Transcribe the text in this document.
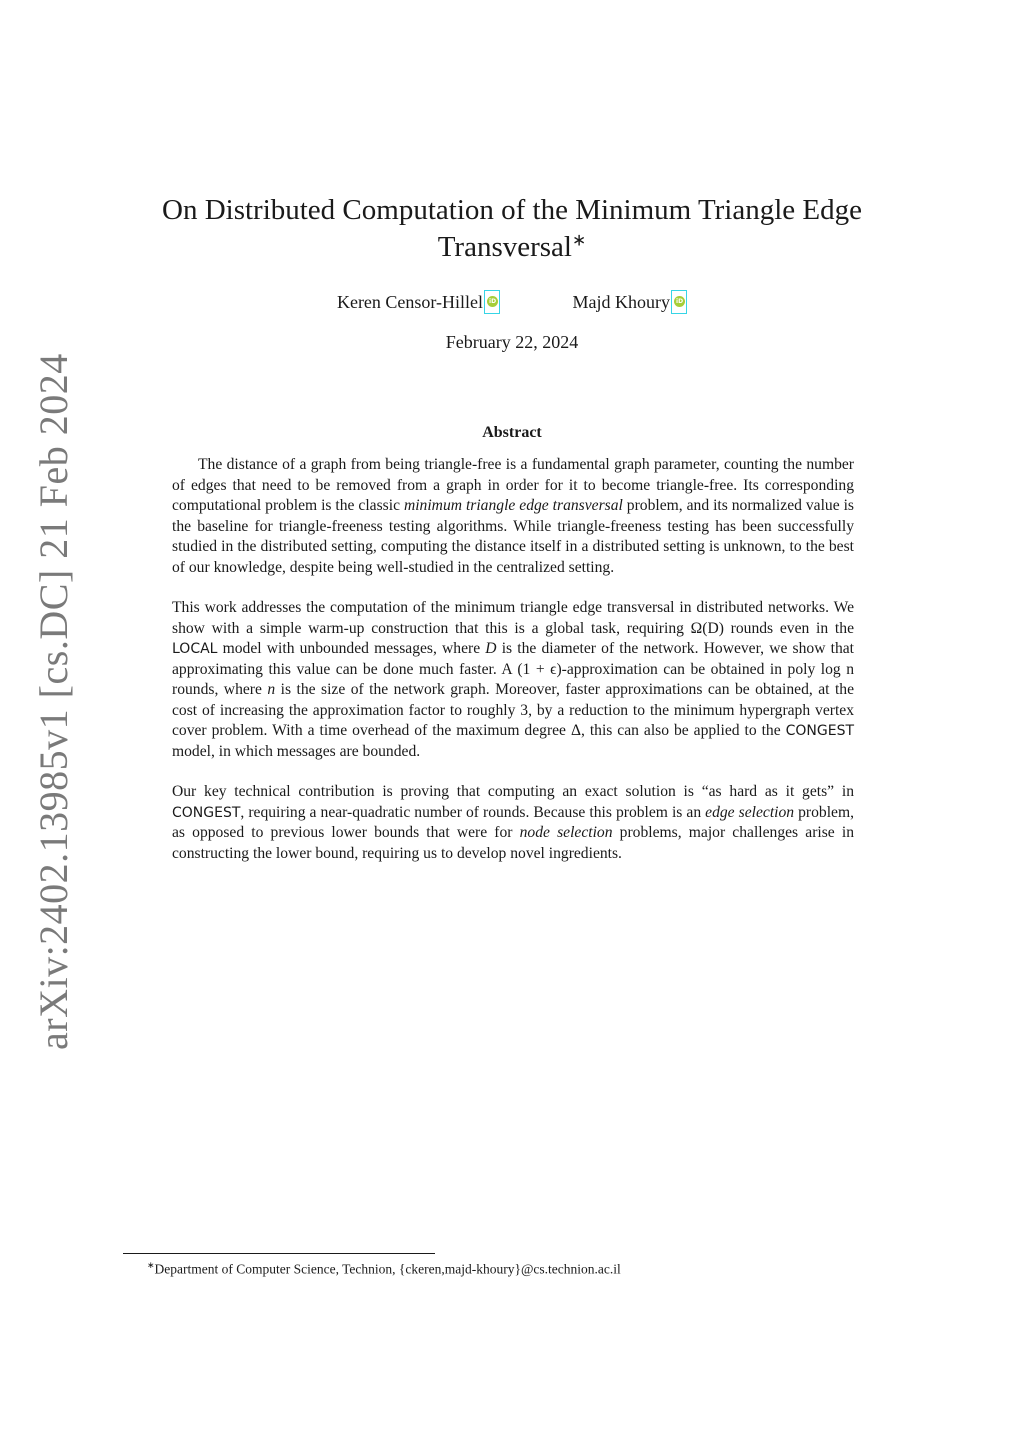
arXiv:2402.13985v1 [cs.DC] 21 Feb 2024
On Distributed Computation of the Minimum Triangle Edge
Transversal∗
Keren Censor-Hillel iD	Majd Khoury iD
February 22, 2024
Abstract

The distance of a graph from being triangle-free is a fundamental graph parameter, counting the number of edges that need to be removed from a graph in order for it to become triangle-free. Its corresponding computational problem is the classic minimum triangle edge transversal problem, and its normalized value is the baseline for triangle-freeness testing algorithms. While triangle-freeness testing has been successfully studied in the distributed setting, computing the distance itself in a distributed setting is unknown, to the best of our knowledge, despite being well-studied in the centralized setting.

This work addresses the computation of the minimum triangle edge transversal in distributed networks. We show with a simple warm-up construction that this is a global task, requiring Ω(D) rounds even in the LOCAL model with unbounded messages, where D is the diameter of the network. However, we show that approximating this value can be done much faster. A (1 + ϵ)-approximation can be obtained in poly log n rounds, where n is the size of the network graph. Moreover, faster approximations can be obtained, at the cost of increasing the approximation factor to roughly 3, by a reduction to the minimum hypergraph vertex cover problem. With a time overhead of the maximum degree Δ, this can also be applied to the CONGEST model, in which messages are bounded.

Our key technical contribution is proving that computing an exact solution is “as hard as it gets” in CONGEST, requiring a near-quadratic number of rounds. Because this problem is an edge selection problem, as opposed to previous lower bounds that were for node selection problems, major challenges arise in constructing the lower bound, requiring us to develop novel ingredients.

∗Department of Computer Science, Technion, {ckeren,majd-khoury}@cs.technion.ac.il
